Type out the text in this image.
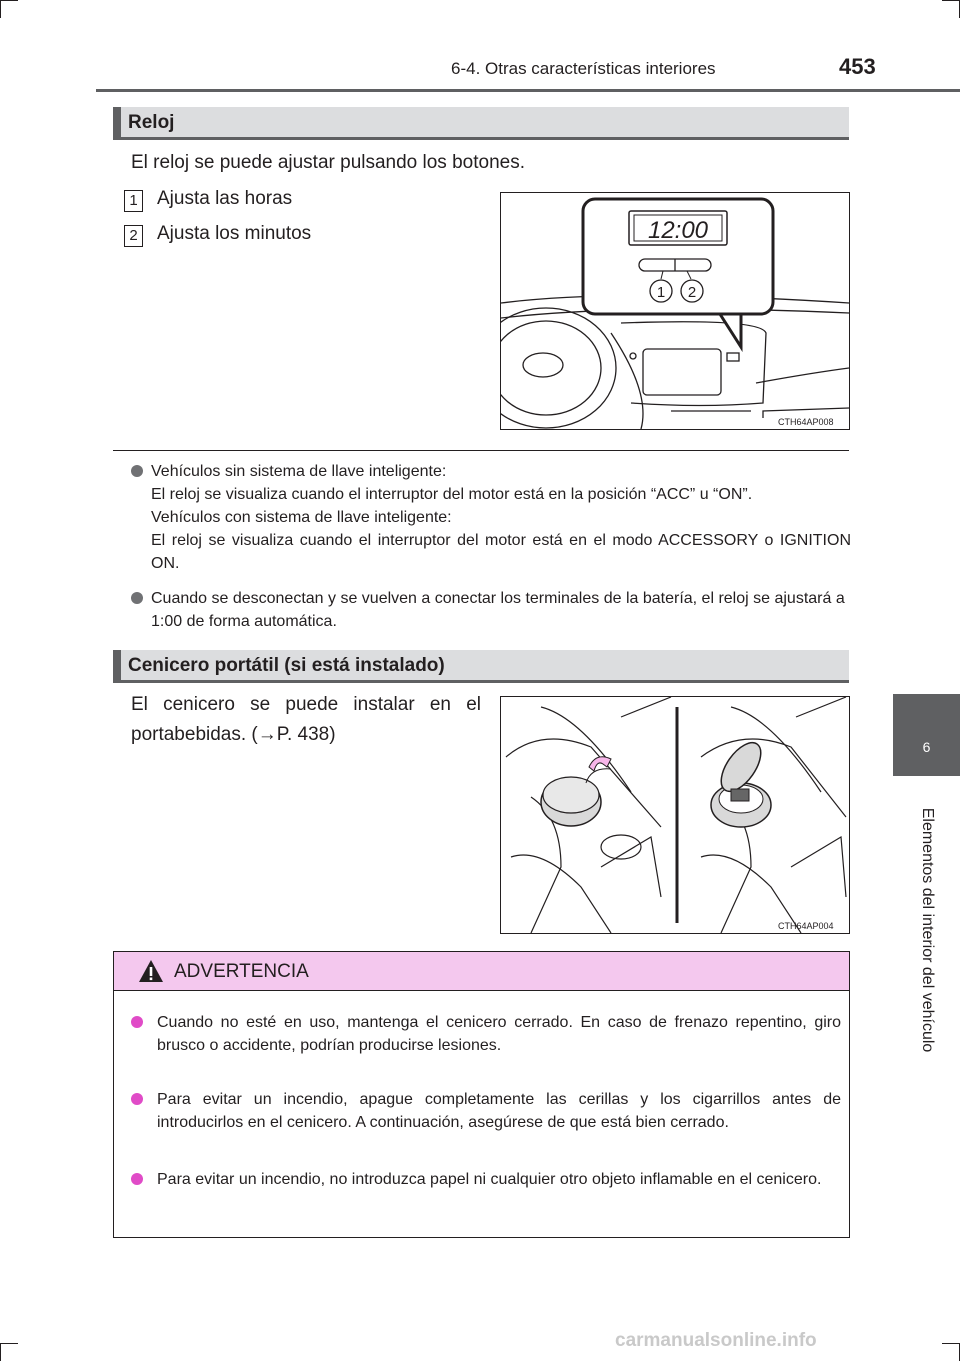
6-4. Otras características interiores	453
6
Elementos del interior del vehículo
Reloj
El reloj se puede ajustar pulsando los botones.
1 Ajusta las horas
2 Ajusta los minutos	12:00
1 2
CTH64AP008
Vehículos sin sistema de llave inteligente:
El reloj se visualiza cuando el interruptor del motor está en la posición “ACC” u “ON”.
Vehículos con sistema de llave inteligente:
El reloj se visualiza cuando el interruptor del motor está en el modo ACCESSORY o IGNITION ON.
Cuando se desconectan y se vuelven a conectar los terminales de la batería, el reloj se ajustará a 1:00 de forma automática.
Cenicero portátil (si está instalado)
El cenicero se puede instalar en el
portabebidas. (→P. 438)
CTH64AP004
ADVERTENCIA
Cuando no esté en uso, mantenga el cenicero cerrado. En caso de frenazo repentino, giro brusco o accidente, podrían producirse lesiones.
Para evitar un incendio, apague completamente las cerillas y los cigarrillos antes de introducirlos en el cenicero. A continuación, asegúrese de que está bien cerrado.
Para evitar un incendio, no introduzca papel ni cualquier otro objeto inflamable en el cenicero.
carmanualsonline.info
